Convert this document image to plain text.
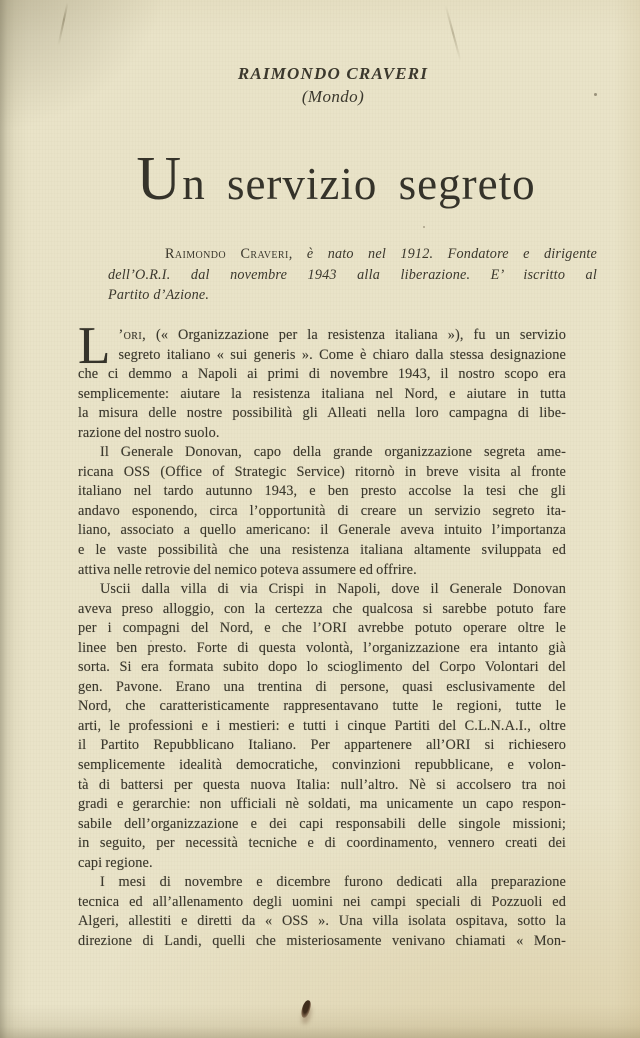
RAIMONDO CRAVERI
(Mondo)
Un servizio segreto
Raimondo Craveri, è nato nel 1912. Fondatore e dirigente
dell’O.R.I. dal novembre 1943 alla liberazione. E’ iscritto al
Partito d’Azione.
L ’ori, (« Organizzazione per la resistenza italiana »), fu un servizio
segreto italiano « sui generis ». Come è chiaro dalla stessa designazione
che ci demmo a Napoli ai primi di novembre 1943, il nostro scopo era
semplicemente: aiutare la resistenza italiana nel Nord, e aiutare in tutta
la misura delle nostre possibilità gli Alleati nella loro campagna di libe-
razione del nostro suolo.
Il Generale Donovan, capo della grande organizzazione segreta ame-
ricana OSS (Office of Strategic Service) ritornò in breve visita al fronte
italiano nel tardo autunno 1943, e ben presto accolse la tesi che gli
andavo esponendo, circa l’opportunità di creare un servizio segreto ita-
liano, associato a quello americano: il Generale aveva intuito l’importanza
e le vaste possibilità che una resistenza italiana altamente sviluppata ed
attiva nelle retrovie del nemico poteva assumere ed offrire.
Uscii dalla villa di via Crispi in Napoli, dove il Generale Donovan
aveva preso alloggio, con la certezza che qualcosa si sarebbe potuto fare
per i compagni del Nord, e che l’ORI avrebbe potuto operare oltre le
linee ben presto. Forte di questa volontà, l’organizzazione era intanto già
sorta. Si era formata subito dopo lo scioglimento del Corpo Volontari del
gen. Pavone. Erano una trentina di persone, quasi esclusivamente del
Nord, che caratteristicamente rappresentavano tutte le regioni, tutte le
arti, le professioni e i mestieri: e tutti i cinque Partiti del C.L.N.A.I., oltre
il Partito Repubblicano Italiano. Per appartenere all’ORI si richiesero
semplicemente idealità democratiche, convinzioni repubblicane, e volon-
tà di battersi per questa nuova Italia: null’altro. Nè si accolsero tra noi
gradi e gerarchie: non ufficiali nè soldati, ma unicamente un capo respon-
sabile dell’organizzazione e dei capi responsabili delle singole missioni;
in seguito, per necessità tecniche e di coordinamento, vennero creati dei
capi regione.
I mesi di novembre e dicembre furono dedicati alla preparazione
tecnica ed all’allenamento degli uomini nei campi speciali di Pozzuoli ed
Algeri, allestiti e diretti da « OSS ». Una villa isolata ospitava, sotto la
direzione di Landi, quelli che misteriosamente venivano chiamati « Mon-
